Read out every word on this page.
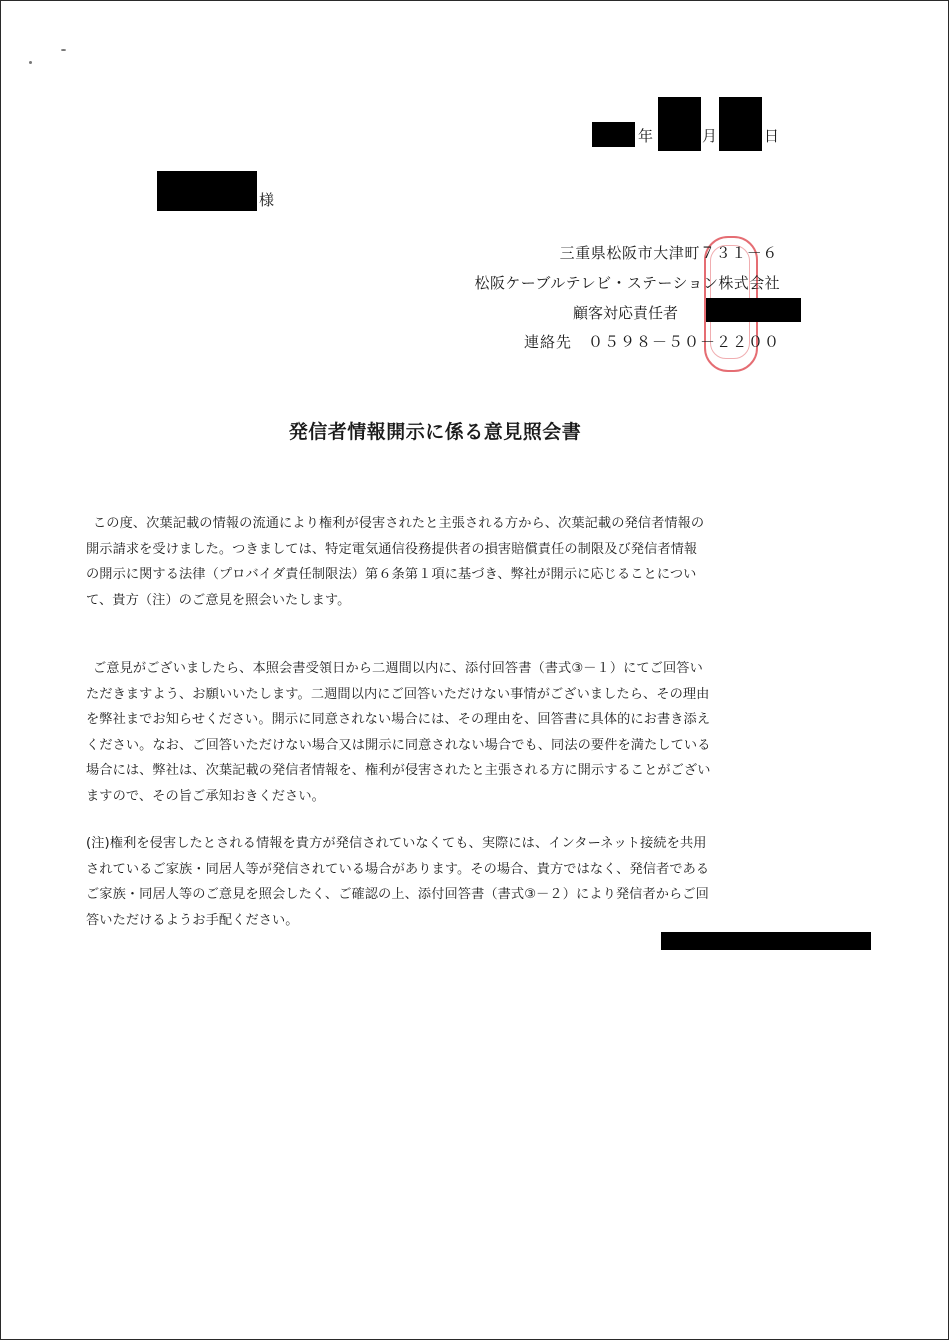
年	月	日
様
三重県松阪市大津町７３１－６
松阪ケーブルテレビ・ステーション株式会社
顧客対応責任者
連絡先　０５９８－５０－２２００
発信者情報開示に係る意見照会書
この度、次葉記載の情報の流通により権利が侵害されたと主張される方から、次葉記載の発信者情報の
開示請求を受けました。つきましては、特定電気通信役務提供者の損害賠償責任の制限及び発信者情報
の開示に関する法律（プロバイダ責任制限法）第６条第１項に基づき、弊社が開示に応じることについ
て、貴方（注）のご意見を照会いたします。
ご意見がございましたら、本照会書受領日から二週間以内に、添付回答書（書式③－１）にてご回答い
ただきますよう、お願いいたします。二週間以内にご回答いただけない事情がございましたら、その理由
を弊社までお知らせください。開示に同意されない場合には、その理由を、回答書に具体的にお書き添え
ください。なお、ご回答いただけない場合又は開示に同意されない場合でも、同法の要件を満たしている
場合には、弊社は、次葉記載の発信者情報を、権利が侵害されたと主張される方に開示することがござい
ますので、その旨ご承知おきください。
(注)権利を侵害したとされる情報を貴方が発信されていなくても、実際には、インターネット接続を共用
されているご家族・同居人等が発信されている場合があります。その場合、貴方ではなく、発信者である
ご家族・同居人等のご意見を照会したく、ご確認の上、添付回答書（書式③－２）により発信者からご回
答いただけるようお手配ください。
